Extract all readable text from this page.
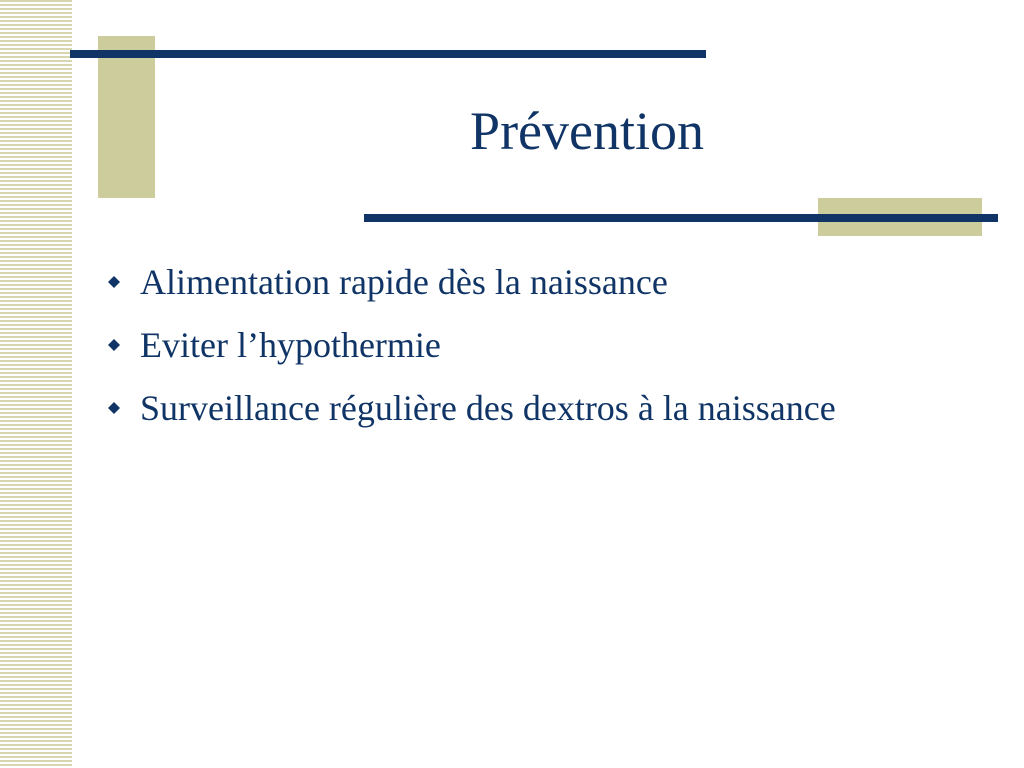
Prévention
Alimentation rapide dès la naissance
Eviter l’hypothermie
Surveillance régulière des dextros à la naissance
